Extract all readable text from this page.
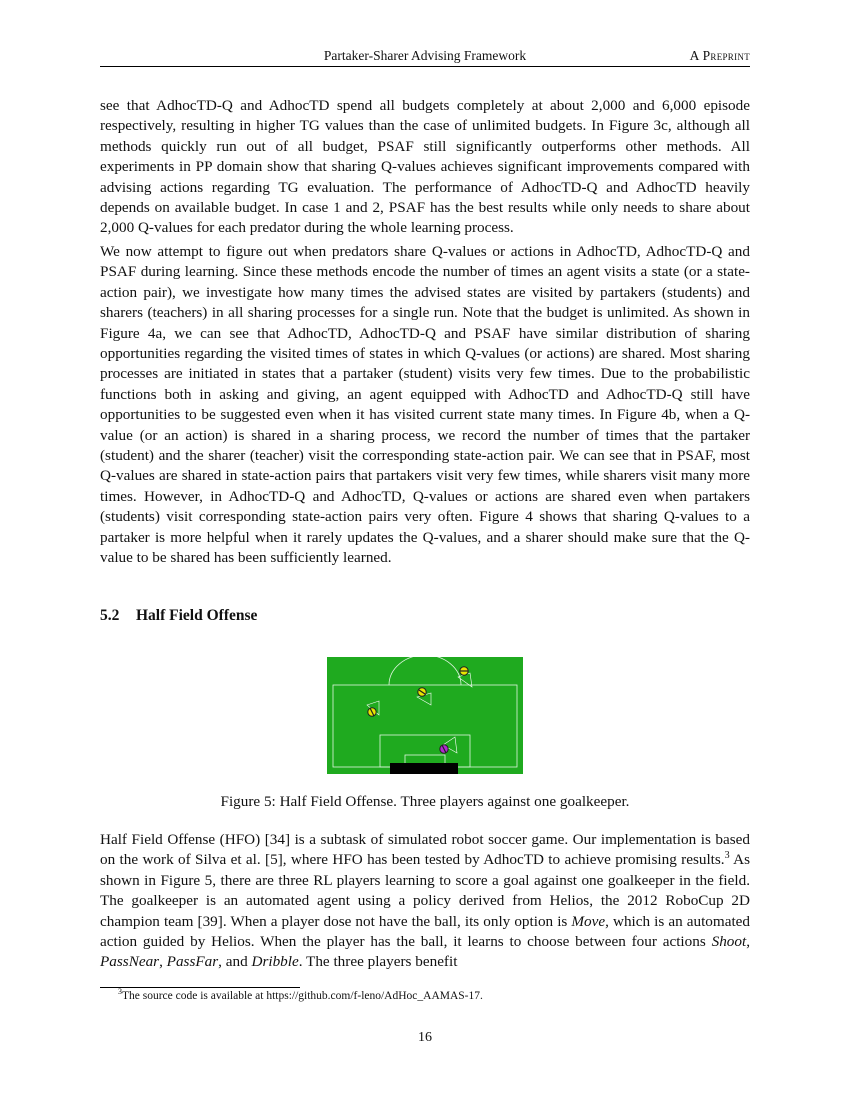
Partaker-Sharer Advising Framework	A Preprint

see that AdhocTD-Q and AdhocTD spend all budgets completely at about 2,000 and 6,000 episode respectively, resulting in higher TG values than the case of unlimited budgets. In Figure 3c, although all methods quickly run out of all budget, PSAF still significantly outperforms other methods. All experiments in PP domain show that sharing Q-values achieves significant improvements compared with advising actions regarding TG evaluation. The performance of AdhocTD-Q and AdhocTD heavily depends on available budget. In case 1 and 2, PSAF has the best results while only needs to share about 2,000 Q-values for each predator during the whole learning process.

We now attempt to figure out when predators share Q-values or actions in AdhocTD, AdhocTD-Q and PSAF during learning. Since these methods encode the number of times an agent visits a state (or a state-action pair), we investigate how many times the advised states are visited by partakers (students) and sharers (teachers) in all sharing processes for a single run. Note that the budget is unlimited. As shown in Figure 4a, we can see that AdhocTD, AdhocTD-Q and PSAF have similar distribution of sharing opportunities regarding the visited times of states in which Q-values (or actions) are shared. Most sharing processes are initiated in states that a partaker (student) visits very few times. Due to the probabilistic functions both in asking and giving, an agent equipped with AdhocTD and AdhocTD-Q still have opportunities to be suggested even when it has visited current state many times. In Figure 4b, when a Q-value (or an action) is shared in a sharing process, we record the number of times that the partaker (student) and the sharer (teacher) visit the corresponding state-action pair. We can see that in PSAF, most Q-values are shared in state-action pairs that partakers visit very few times, while sharers visit many more times. However, in AdhocTD-Q and AdhocTD, Q-values or actions are shared even when partakers (students) visit corresponding state-action pairs very often. Figure 4 shows that sharing Q-values to a partaker is more helpful when it rarely updates the Q-values, and a sharer should make sure that the Q-value to be shared has been sufficiently learned.

5.2 Half Field Offense
Figure 5: Half Field Offense. Three players against one goalkeeper.

Half Field Offense (HFO) [34] is a subtask of simulated robot soccer game. Our implementation is based on the work of Silva et al. [5], where HFO has been tested by AdhocTD to achieve promising results.$^3$ As shown in Figure 5, there are three RL players learning to score a goal against one goalkeeper in the field. The goalkeeper is an automated agent using a policy derived from Helios, the 2012 RoboCup 2D champion team [39]. When a player dose not have the ball, its only option is Move, which is an automated action guided by Helios. When the player has the ball, it learns to choose between four actions Shoot, PassNear, PassFar, and Dribble. The three players benefit

$^3$The source code is available at https://github.com/f-leno/AdHoc_AAMAS-17.
16
